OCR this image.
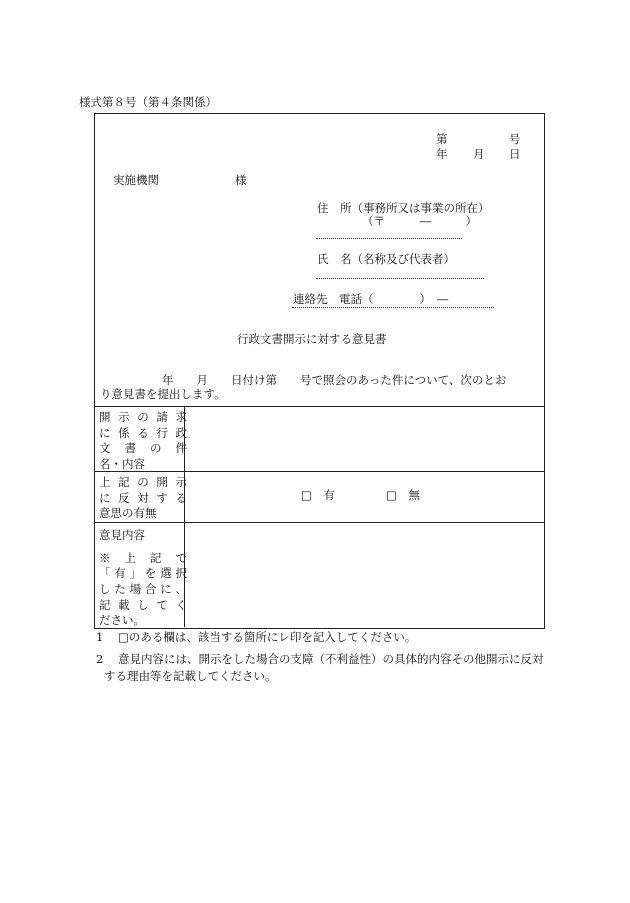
様式第８号（第４条関係）
第	号
年 月 日
実施機関	様
住　所（事務所又は事業の所在）
（〒　　　―　　　）
氏　名（名称及び代表者）
連絡先　電話（　　　　）　―
行政文書開示に対する意見書
年　　月　　日付け第　　号で照会のあった件について、次のとお
り意見書を提出します。
開示の請求
に係る行政
文書の件
名・内容
上記の開示
に反対する
意思の有無
□　有	□　無
意見内容
※上記で
「有」を選択
した場合に、
記載してく
ださい。
1 □のある欄は、該当する箇所にレ印を記入してください。
2	意見内容には、開示をした場合の支障（不利益性）の具体的内容その他開示に反対する理由等を記載してください。
